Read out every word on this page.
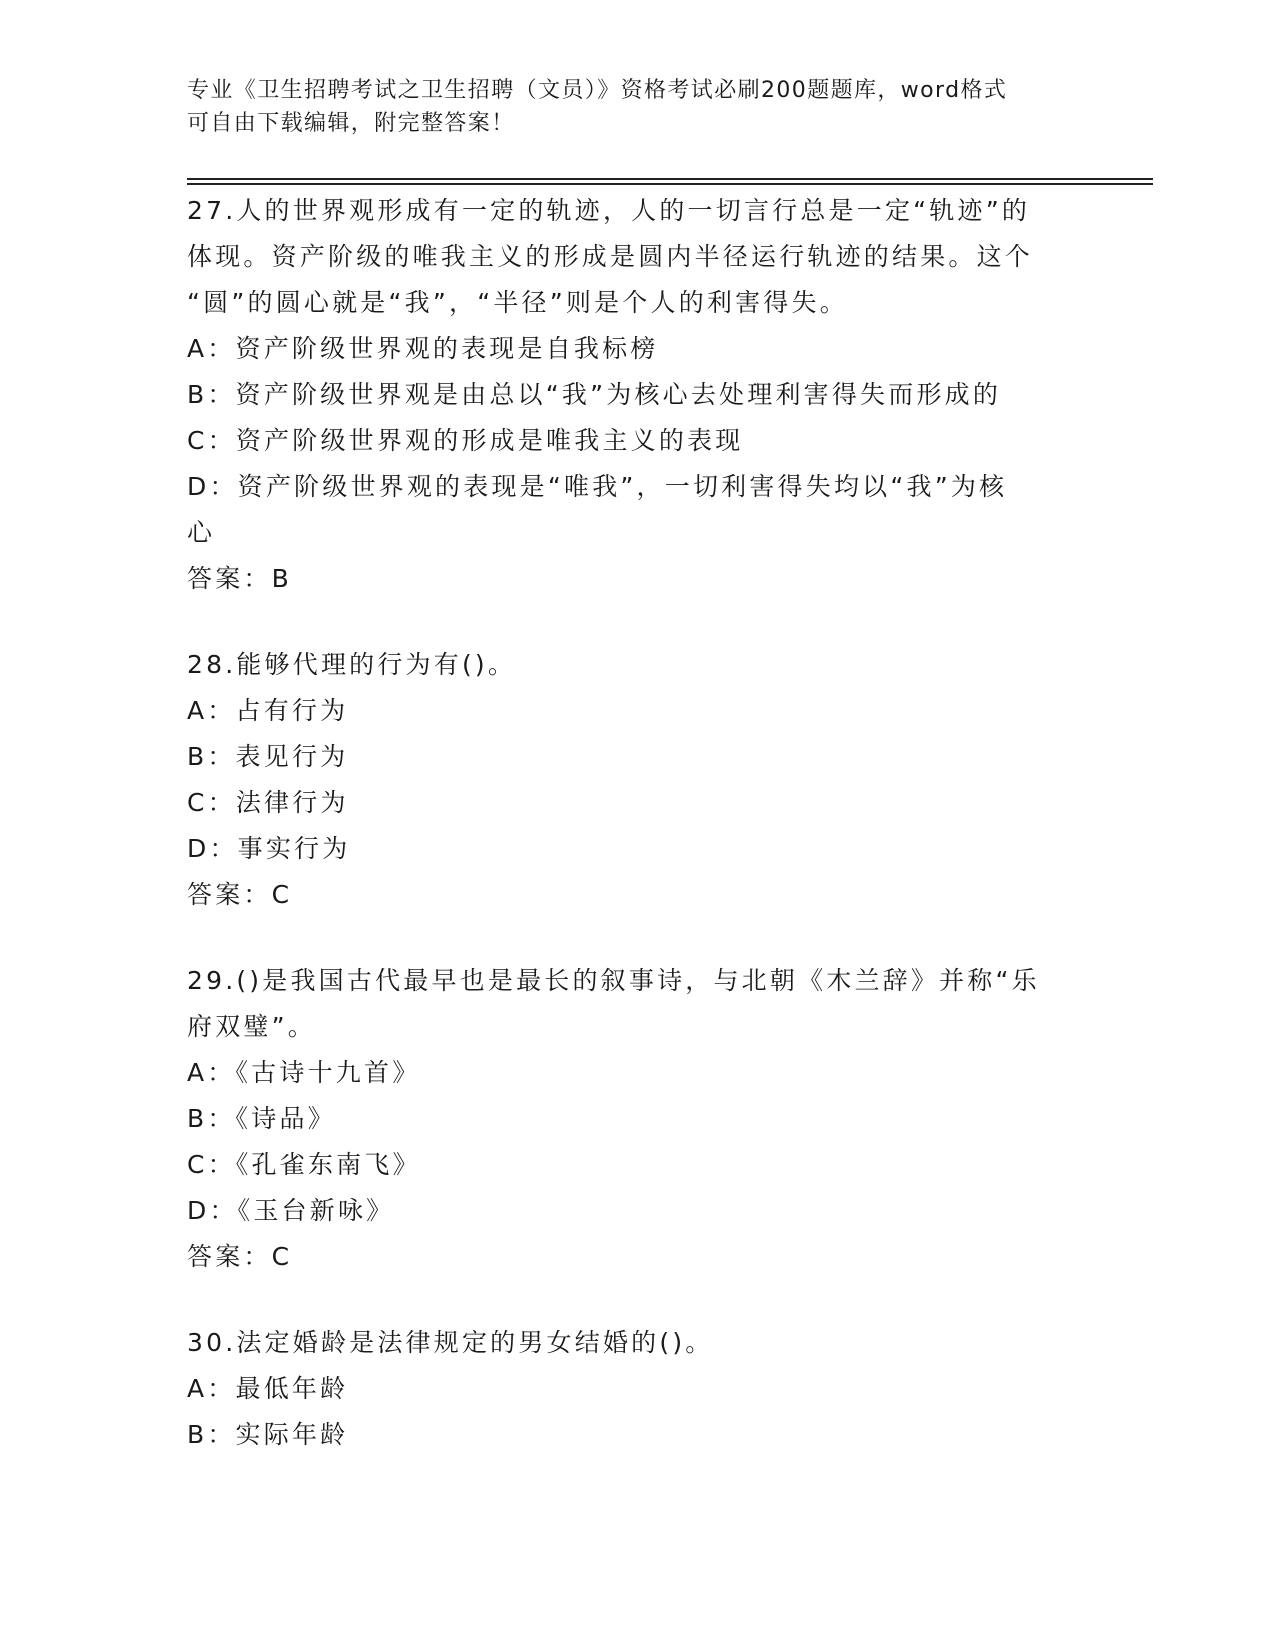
专业《卫生招聘考试之卫生招聘（文员）》资格考试必刷200题题库，word格式
可自由下载编辑，附完整答案！
27.人的世界观形成有一定的轨迹，人的一切言行总是一定“轨迹”的
体现。资产阶级的唯我主义的形成是圆内半径运行轨迹的结果。这个
“圆”的圆心就是“我”，“半径”则是个人的利害得失。
A：资产阶级世界观的表现是自我标榜
B：资产阶级世界观是由总以“我”为核心去处理利害得失而形成的
C：资产阶级世界观的形成是唯我主义的表现
D：资产阶级世界观的表现是“唯我”，一切利害得失均以“我”为核
心
答案：B
28.能够代理的行为有()。
A：占有行为
B：表见行为
C：法律行为
D：事实行为
答案：C
29.()是我国古代最早也是最长的叙事诗，与北朝《木兰辞》并称“乐
府双璧”。
A：《古诗十九首》
B：《诗品》
C：《孔雀东南飞》
D：《玉台新咏》
答案：C
30.法定婚龄是法律规定的男女结婚的()。
A：最低年龄
B：实际年龄
